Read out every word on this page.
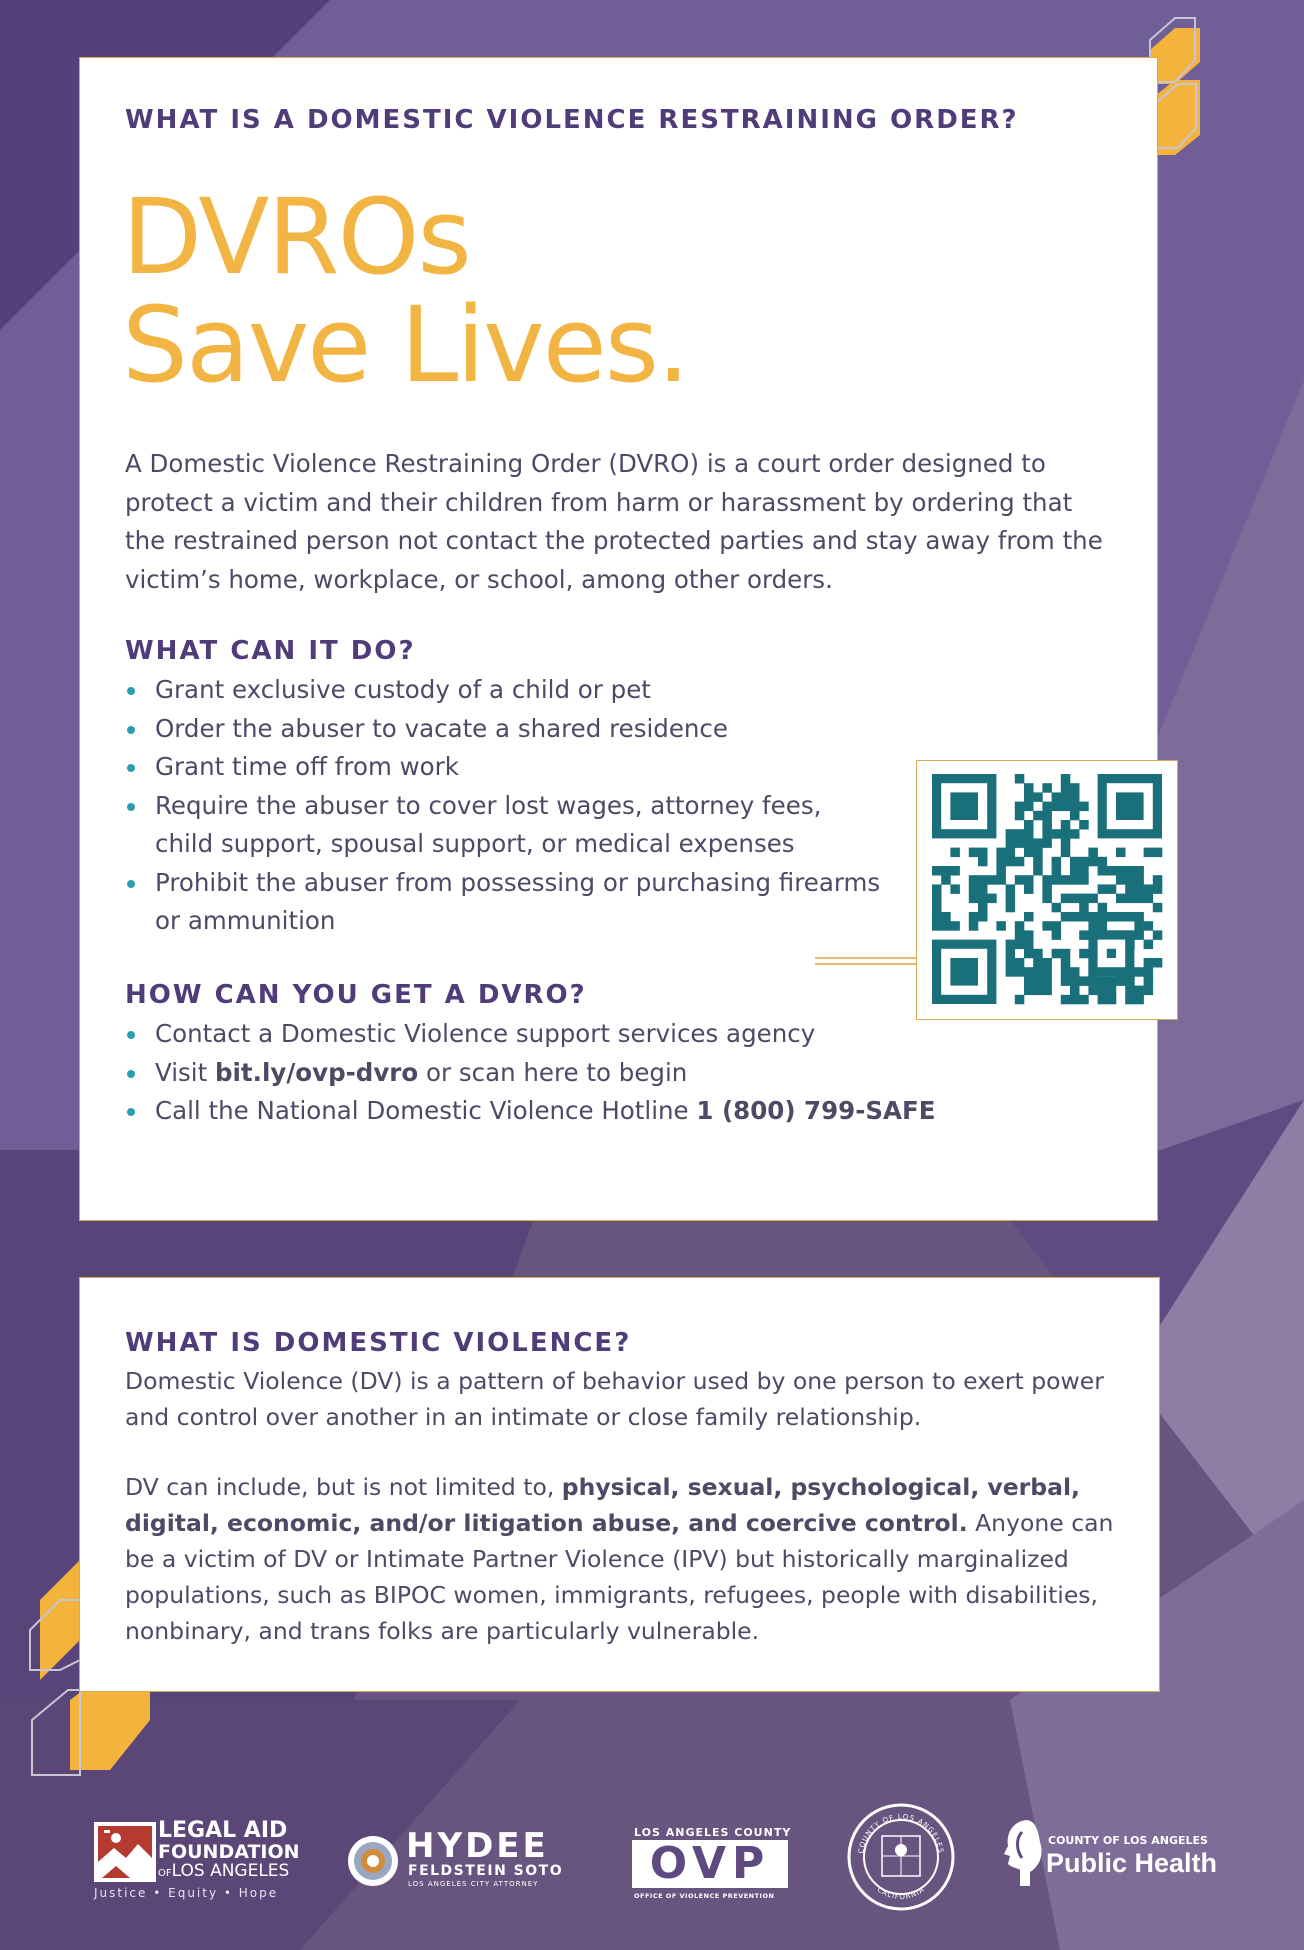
WHAT IS A DOMESTIC VIOLENCE RESTRAINING ORDER?
DVROs
Save Lives.

A Domestic Violence Restraining Order (DVRO) is a court order designed to protect a victim and their children from harm or harassment by ordering that the restrained person not contact the protected parties and stay away from the victim’s home, workplace, or school, among other orders.

WHAT CAN IT DO?
Grant exclusive custody of a child or pet
Order the abuser to vacate a shared residence
Grant time off from work
Require the abuser to cover lost wages, attorney fees,
child support, spousal support, or medical expenses
Prohibit the abuser from possessing or purchasing firearms
or ammunition
HOW CAN YOU GET A DVRO?
Contact a Domestic Violence support services agency
Visit bit.ly/ovp-dvro or scan here to begin
Call the National Domestic Violence Hotline 1 (800) 799-SAFE
WHAT IS DOMESTIC VIOLENCE?

Domestic Violence (DV) is a pattern of behavior used by one person to exert power and control over another in an intimate or close family relationship.

DV can include, but is not limited to, physical, sexual, psychological, verbal, digital, economic, and/or litigation abuse, and coercive control. Anyone can be a victim of DV or Intimate Partner Violence (IPV) but historically marginalized populations, such as BIPOC women, immigrants, refugees, people with disabilities, nonbinary, and trans folks are particularly vulnerable.

LEGAL AID
FOUNDATION
OFLOS ANGELES
Justice • Equity • Hope
HYDEE
FELDSTEIN SOTO
LOS ANGELES CITY ATTORNEY
LOS ANGELES COUNTY
OVP
OFFICE OF VIOLENCE PREVENTION
COUNTY OF LOS ANGELES
CALIFORNIA
COUNTY OF LOS ANGELES
Public Health
